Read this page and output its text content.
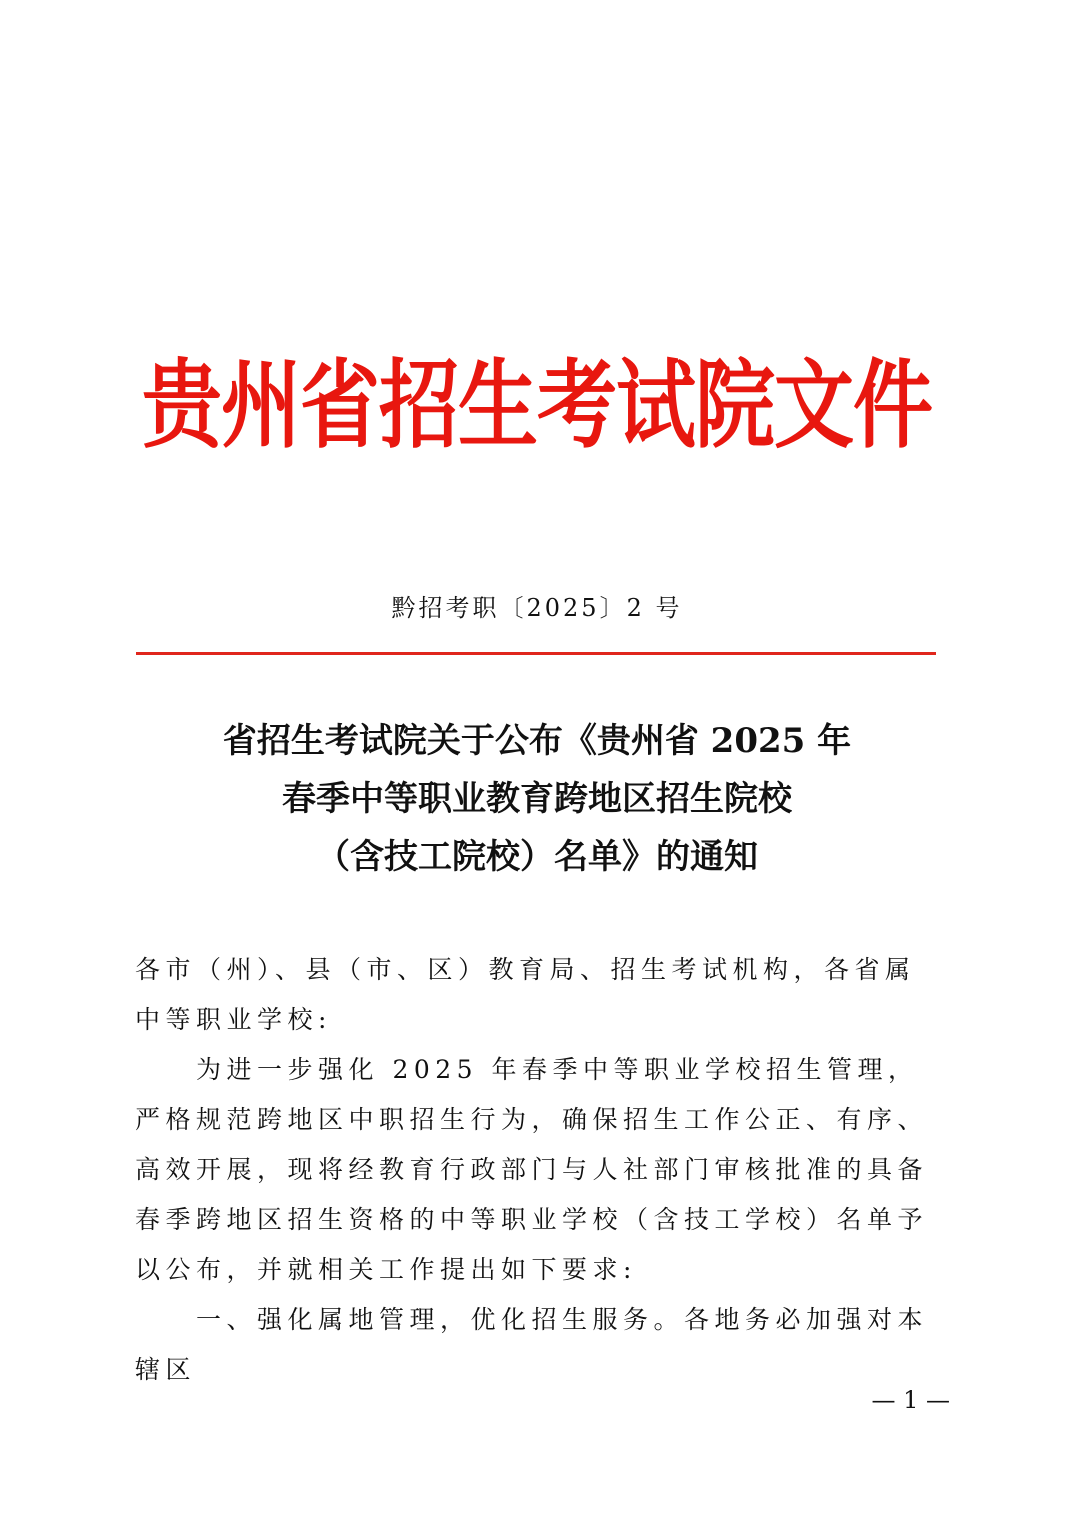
贵州省招生考试院文件
黔招考职〔2025〕2 号
省招生考试院关于公布《贵州省 2025 年
春季中等职业教育跨地区招生院校
（含技工院校）名单》的通知

各市（州）、县（市、区）教育局、招生考试机构，各省属中等职业学校:

为进一步强化 2025 年春季中等职业学校招生管理，严格规范跨地区中职招生行为，确保招生工作公正、有序、高效开展，现将经教育行政部门与人社部门审核批准的具备春季跨地区招生资格的中等职业学校（含技工学校）名单予以公布，并就相关工作提出如下要求:

一、强化属地管理，优化招生服务。各地务必加强对本辖区

— 1 —
